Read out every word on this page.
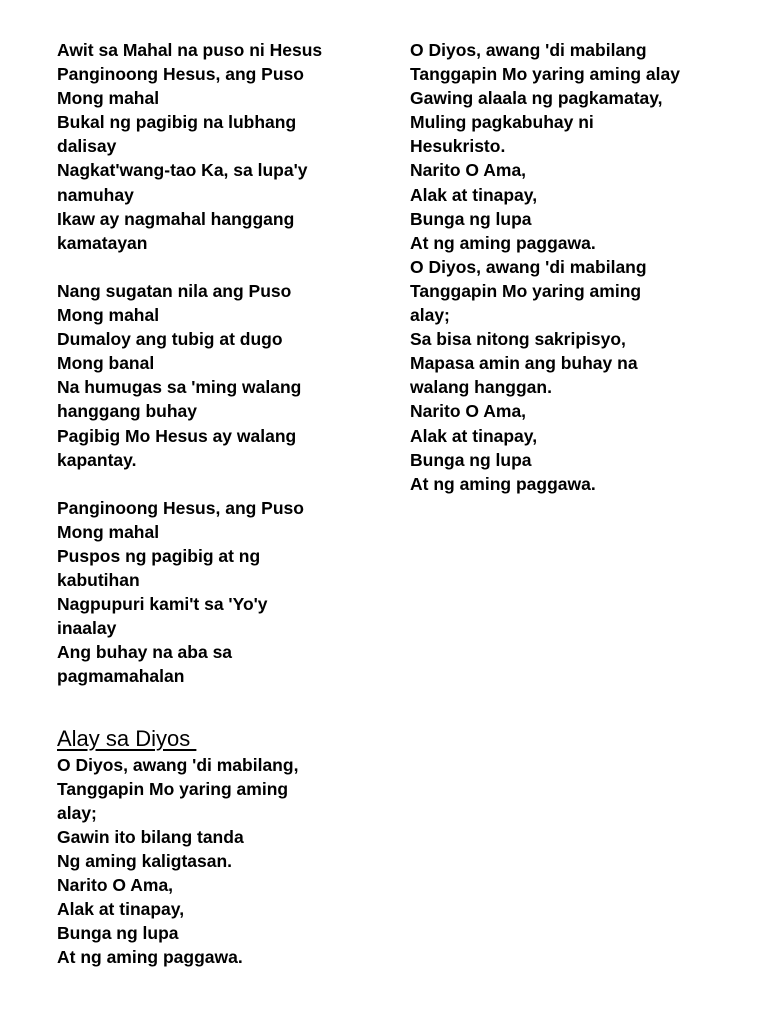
Awit sa Mahal na puso ni Hesus
Panginoong Hesus, ang Puso
Mong mahal
Bukal ng pagibig na lubhang
dalisay
Nagkat'wang-tao Ka, sa lupa'y
namuhay
Ikaw ay nagmahal hanggang
kamatayan
Nang sugatan nila ang Puso
Mong mahal
Dumaloy ang tubig at dugo
Mong banal
Na humugas sa 'ming walang
hanggang buhay
Pagibig Mo Hesus ay walang
kapantay.
Panginoong Hesus, ang Puso
Mong mahal
Puspos ng pagibig at ng
kabutihan
Nagpupuri kami't sa 'Yo'y
inaalay
Ang buhay na aba sa
pagmamahalan
Alay sa Diyos
O Diyos, awang 'di mabilang,
Tanggapin Mo yaring aming
alay;
Gawin ito bilang tanda
Ng aming kaligtasan.
Narito O Ama,
Alak at tinapay,
Bunga ng lupa
At ng aming paggawa.
O Diyos, awang 'di mabilang
Tanggapin Mo yaring aming alay
Gawing alaala ng pagkamatay,
Muling pagkabuhay ni
Hesukristo.
Narito O Ama,
Alak at tinapay,
Bunga ng lupa
At ng aming paggawa.
O Diyos, awang 'di mabilang
Tanggapin Mo yaring aming
alay;
Sa bisa nitong sakripisyo,
Mapasa amin ang buhay na
walang hanggan.
Narito O Ama,
Alak at tinapay,
Bunga ng lupa
At ng aming paggawa.
